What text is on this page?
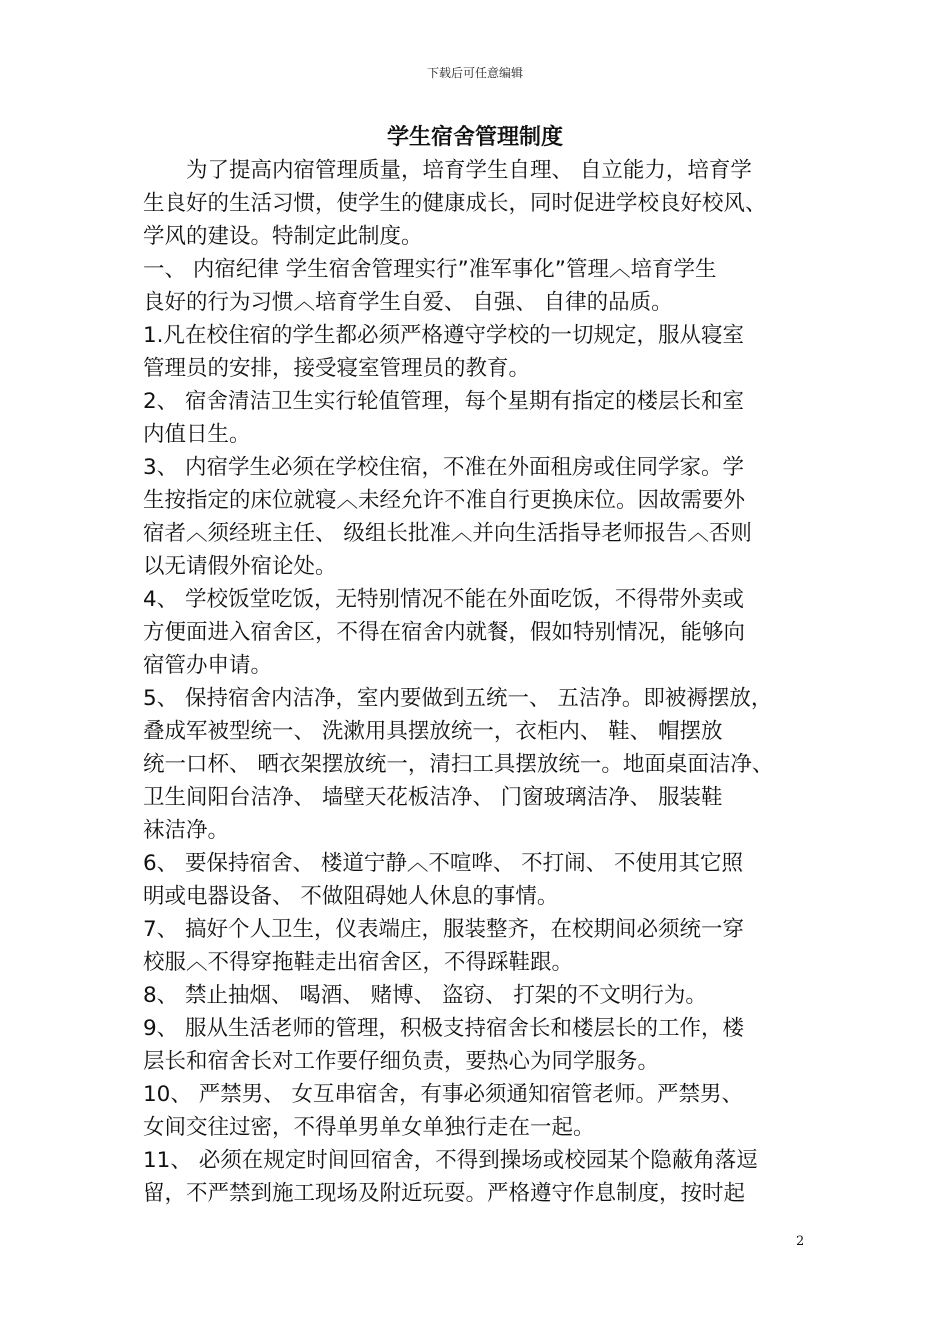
下载后可任意编辑
学生宿舍管理制度
　　为了提高内宿管理质量，培育学生自理、 自立能力，培育学
生良好的生活习惯，使学生的健康成长，同时促进学校良好校风、
学风的建设。特制定此制度。
一、 内宿纪律 学生宿舍管理实行”准军事化”管理︿培育学生
良好的行为习惯︿培育学生自爱、 自强、 自律的品质。
1.凡在校住宿的学生都必须严格遵守学校的一切规定，服从寝室
管理员的安排，接受寝室管理员的教育。
2、 宿舍清洁卫生实行轮值管理，每个星期有指定的楼层长和室
内值日生。
3、 内宿学生必须在学校住宿，不准在外面租房或住同学家。学
生按指定的床位就寝︿未经允许不准自行更换床位。因故需要外
宿者︿须经班主任、 级组长批准︿并向生活指导老师报告︿否则
以无请假外宿论处。
4、 学校饭堂吃饭，无特别情况不能在外面吃饭，不得带外卖或
方便面进入宿舍区，不得在宿舍内就餐，假如特别情况，能够向
宿管办申请。
5、 保持宿舍内洁净，室内要做到五统一、 五洁净。即被褥摆放，
叠成军被型统一、 洗漱用具摆放统一，衣柜内、 鞋、 帽摆放
统一口杯、 晒衣架摆放统一，清扫工具摆放统一。地面桌面洁净、
卫生间阳台洁净、 墙壁天花板洁净、 门窗玻璃洁净、 服装鞋
袜洁净。
6、 要保持宿舍、 楼道宁静︿不喧哗、 不打闹、 不使用其它照
明或电器设备、 不做阻碍她人休息的事情。
7、 搞好个人卫生，仪表端庄，服装整齐，在校期间必须统一穿
校服︿不得穿拖鞋走出宿舍区，不得踩鞋跟。
8、 禁止抽烟、 喝酒、 赌博、 盗窃、 打架的不文明行为。
9、 服从生活老师的管理，积极支持宿舍长和楼层长的工作，楼
层长和宿舍长对工作要仔细负责，要热心为同学服务。
10、 严禁男、 女互串宿舍，有事必须通知宿管老师。严禁男、
女间交往过密，不得单男单女单独行走在一起。
11、 必须在规定时间回宿舍，不得到操场或校园某个隐蔽角落逗
留，不严禁到施工现场及附近玩耍。严格遵守作息制度，按时起
2
